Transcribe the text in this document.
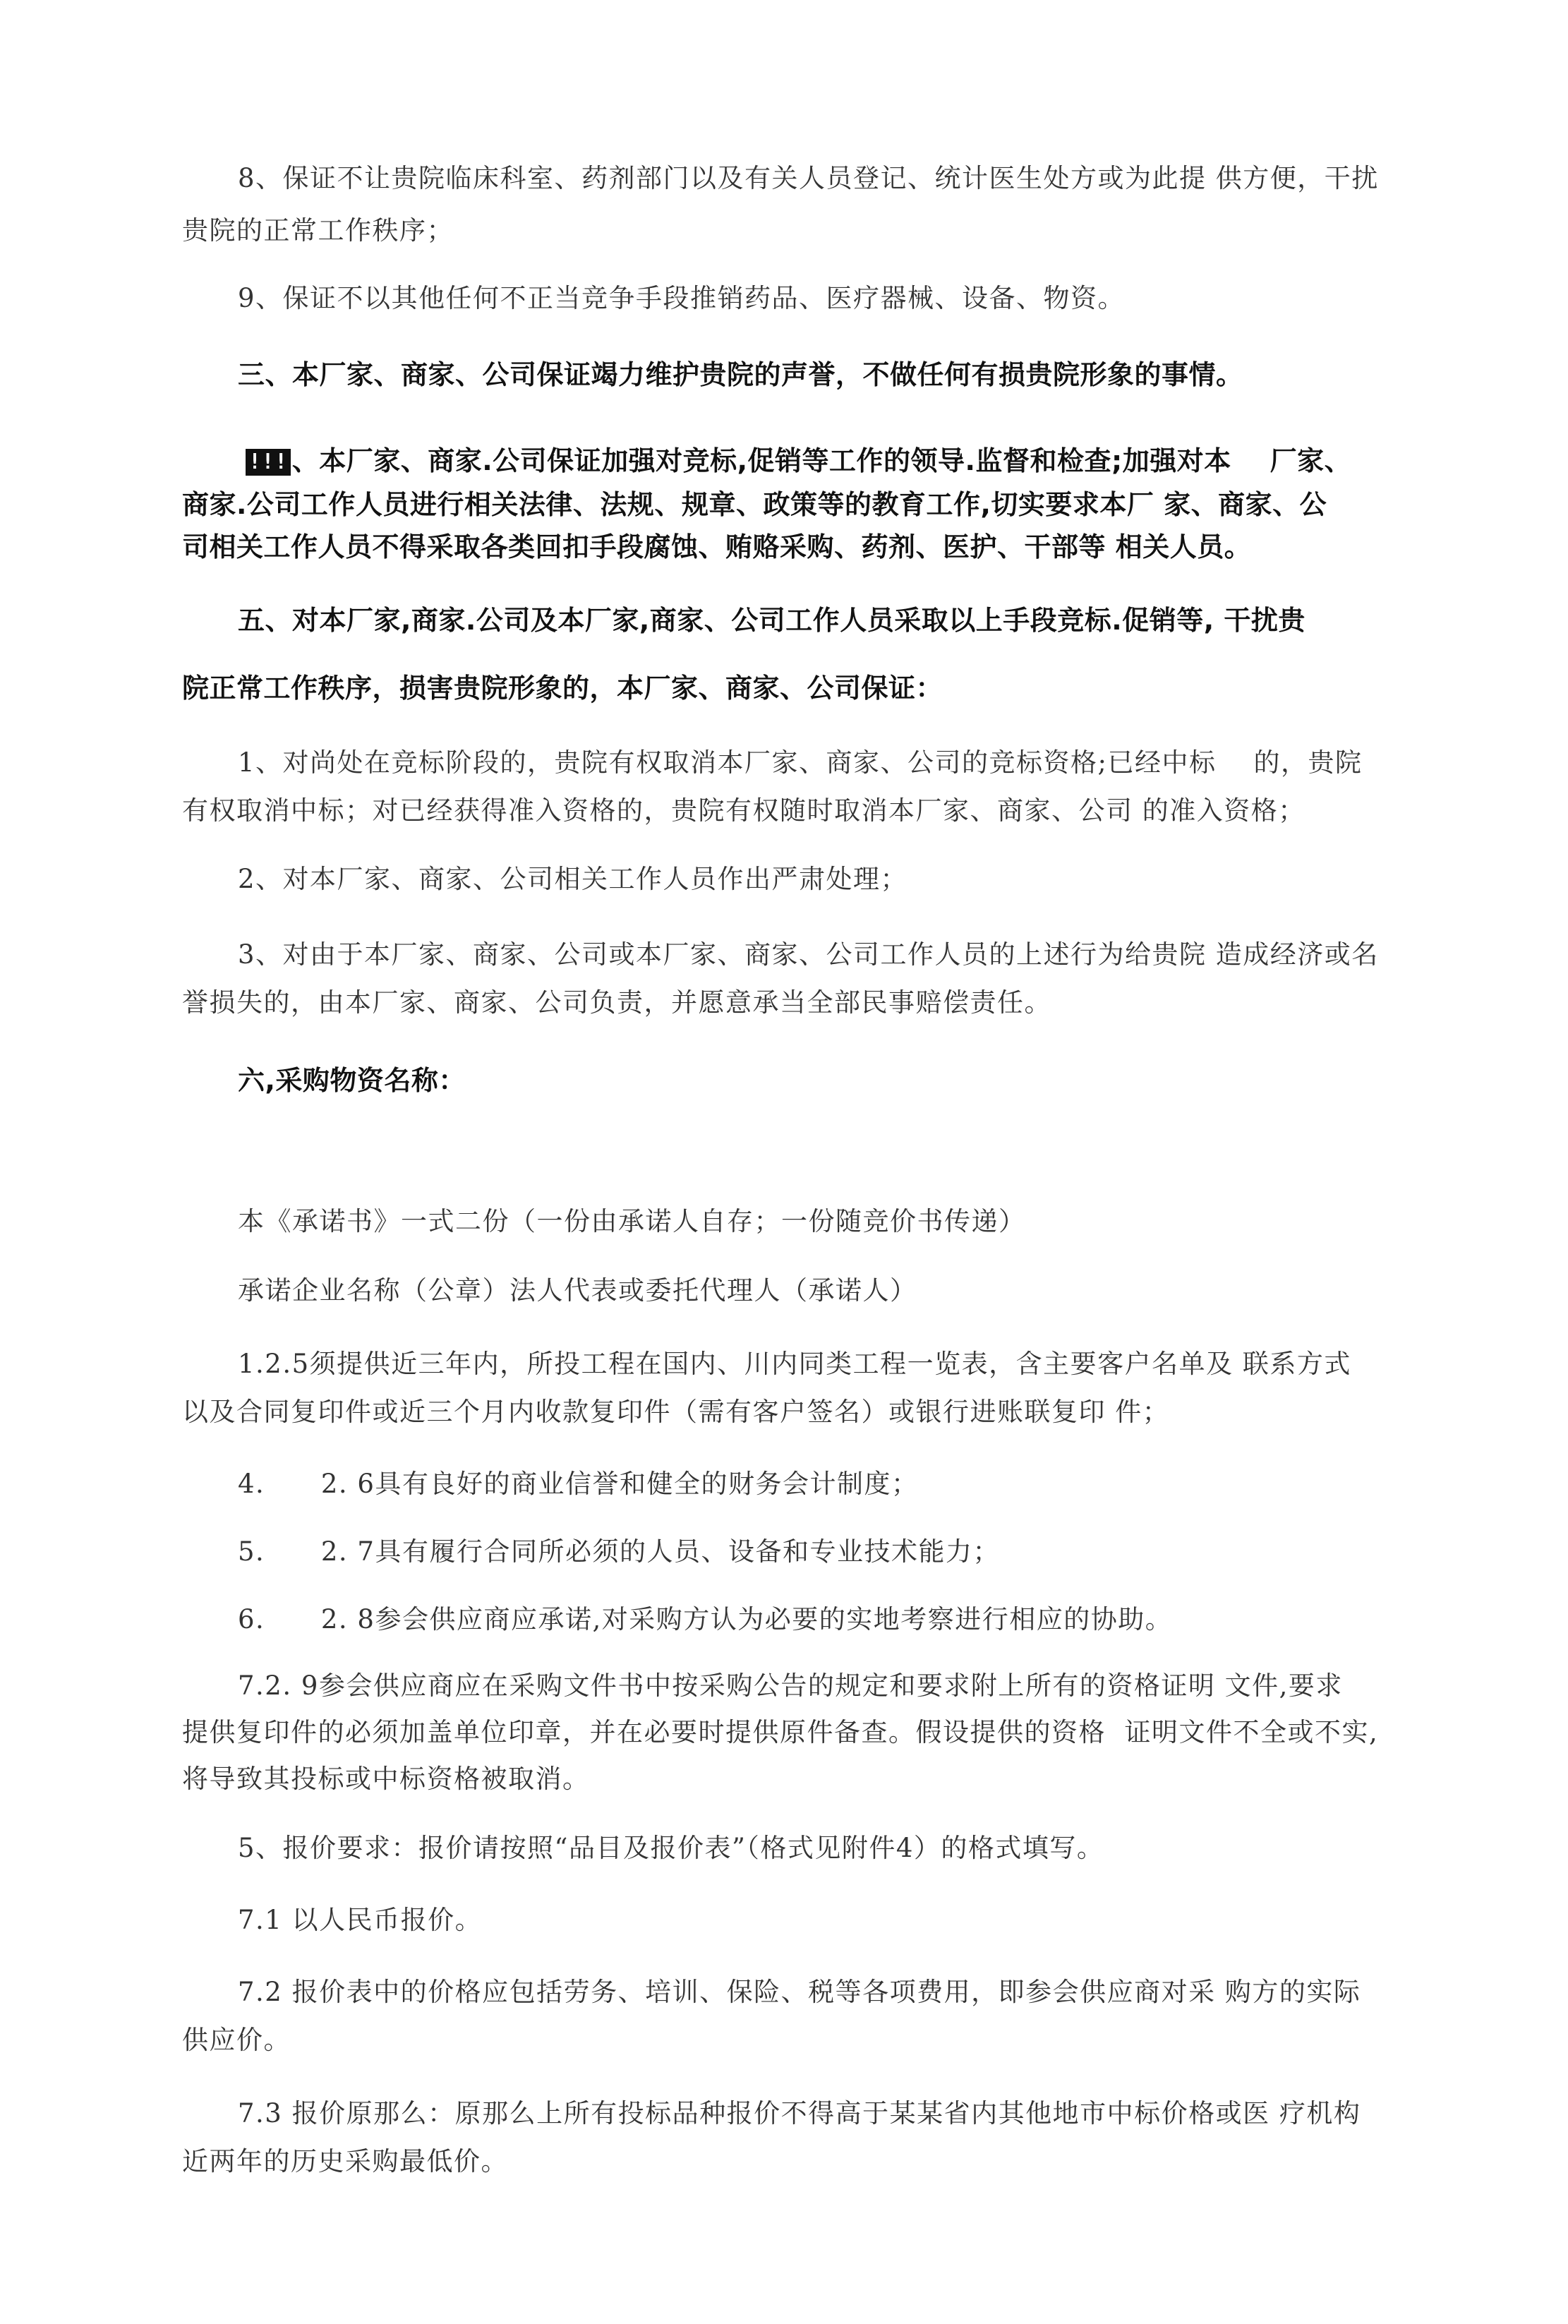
8、保证不让贵院临床科室、药剂部门以及有关人员登记、统计医生处方或为此提 供方便，干扰

贵院的正常工作秩序；

9、保证不以其他任何不正当竞争手段推销药品、医疗器械、设备、物资。

三、本厂家、商家、公司保证竭力维护贵院的声誉，不做任何有损贵院形象的事情。

!!! 、本厂家、商家.公司保证加强对竞标,促销等工作的领导.监督和检查;加强对本    厂家、

商家.公司工作人员进行相关法律、法规、规章、政策等的教育工作,切实要求本厂 家、商家、公

司相关工作人员不得采取各类回扣手段腐蚀、贿赂采购、药剂、医护、干部等 相关人员。

五、对本厂家,商家.公司及本厂家,商家、公司工作人员采取以上手段竞标.促销等, 干扰贵

院正常工作秩序，损害贵院形象的，本厂家、商家、公司保证：

1、对尚处在竞标阶段的，贵院有权取消本厂家、商家、公司的竞标资格;已经中标    的，贵院

有权取消中标；对已经获得准入资格的，贵院有权随时取消本厂家、商家、公司 的准入资格；

2、对本厂家、商家、公司相关工作人员作出严肃处理；

3、对由于本厂家、商家、公司或本厂家、商家、公司工作人员的上述行为给贵院 造成经济或名

誉损失的，由本厂家、商家、公司负责，并愿意承当全部民事赔偿责任。

六,采购物资名称：

本《承诺书》一式二份（一份由承诺人自存；一份随竞价书传递）

承诺企业名称（公章）法人代表或委托代理人（承诺人）

1.2.5须提供近三年内，所投工程在国内、川内同类工程一览表，含主要客户名单及 联系方式

以及合同复印件或近三个月内收款复印件（需有客户签名）或银行进账联复印 件；

4.      2. 6具有良好的商业信誉和健全的财务会计制度；

5.      2. 7具有履行合同所必须的人员、设备和专业技术能力；

6.      2. 8参会供应商应承诺,对采购方认为必要的实地考察进行相应的协助。

7.2. 9参会供应商应在采购文件书中按采购公告的规定和要求附上所有的资格证明 文件,要求

提供复印件的必须加盖单位印章，并在必要时提供原件备查。假设提供的资格  证明文件不全或不实,

将导致其投标或中标资格被取消。

5、报价要求：报价请按照“品目及报价表”（格式见附件4）的格式填写。

7.1 以人民币报价。

7.2 报价表中的价格应包括劳务、培训、保险、税等各项费用，即参会供应商对采 购方的实际

供应价。

7.3 报价原那么：原那么上所有投标品种报价不得高于某某省内其他地市中标价格或医 疗机构

近两年的历史采购最低价。
